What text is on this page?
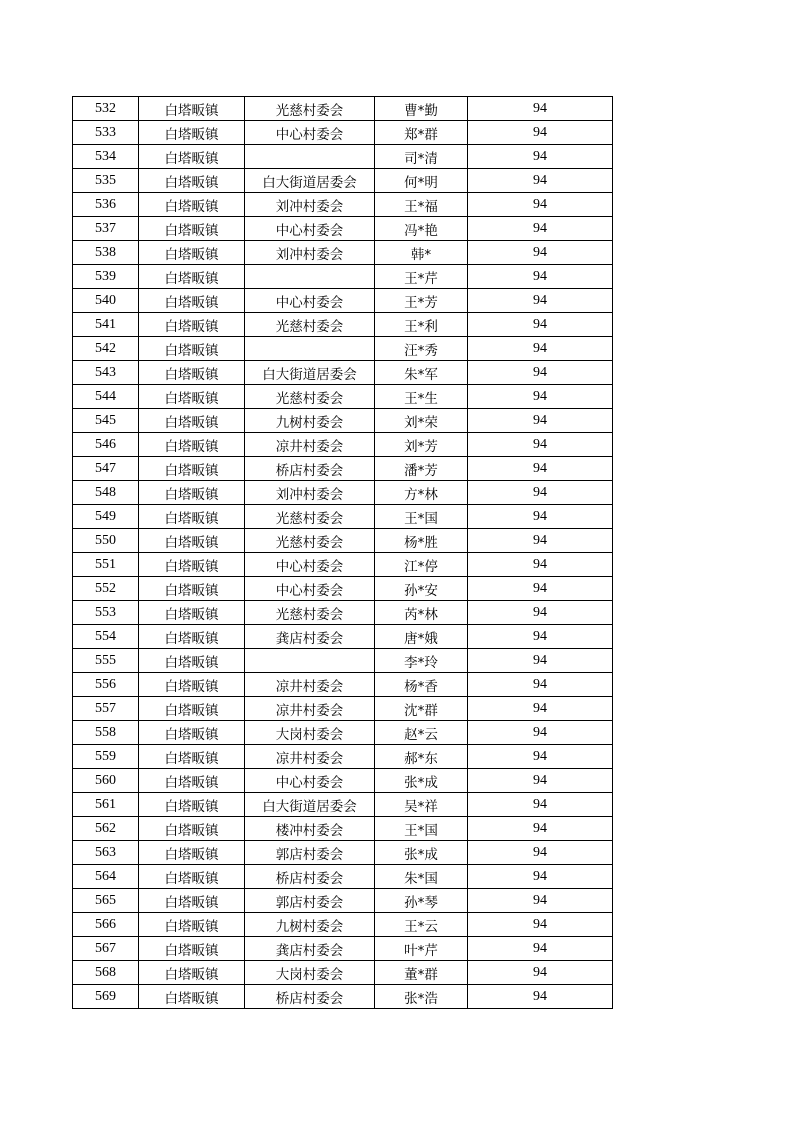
532	白塔畈镇	光慈村委会	曹*勤	94
533	白塔畈镇	中心村委会	郑*群	94
534	白塔畈镇		司*清	94
535	白塔畈镇	白大街道居委会	何*明	94
536	白塔畈镇	刘冲村委会	王*福	94
537	白塔畈镇	中心村委会	冯*艳	94
538	白塔畈镇	刘冲村委会	韩*	94
539	白塔畈镇		王*芹	94
540	白塔畈镇	中心村委会	王*芳	94
541	白塔畈镇	光慈村委会	王*利	94
542	白塔畈镇		汪*秀	94
543	白塔畈镇	白大街道居委会	朱*军	94
544	白塔畈镇	光慈村委会	王*生	94
545	白塔畈镇	九树村委会	刘*荣	94
546	白塔畈镇	凉井村委会	刘*芳	94
547	白塔畈镇	桥店村委会	潘*芳	94
548	白塔畈镇	刘冲村委会	方*林	94
549	白塔畈镇	光慈村委会	王*国	94
550	白塔畈镇	光慈村委会	杨*胜	94
551	白塔畈镇	中心村委会	江*停	94
552	白塔畈镇	中心村委会	孙*安	94
553	白塔畈镇	光慈村委会	芮*林	94
554	白塔畈镇	龚店村委会	唐*娥	94
555	白塔畈镇		李*玲	94
556	白塔畈镇	凉井村委会	杨*香	94
557	白塔畈镇	凉井村委会	沈*群	94
558	白塔畈镇	大岗村委会	赵*云	94
559	白塔畈镇	凉井村委会	郝*东	94
560	白塔畈镇	中心村委会	张*成	94
561	白塔畈镇	白大街道居委会	吴*祥	94
562	白塔畈镇	楼冲村委会	王*国	94
563	白塔畈镇	郭店村委会	张*成	94
564	白塔畈镇	桥店村委会	朱*国	94
565	白塔畈镇	郭店村委会	孙*琴	94
566	白塔畈镇	九树村委会	王*云	94
567	白塔畈镇	龚店村委会	叶*芹	94
568	白塔畈镇	大岗村委会	董*群	94
569	白塔畈镇	桥店村委会	张*浩	94
